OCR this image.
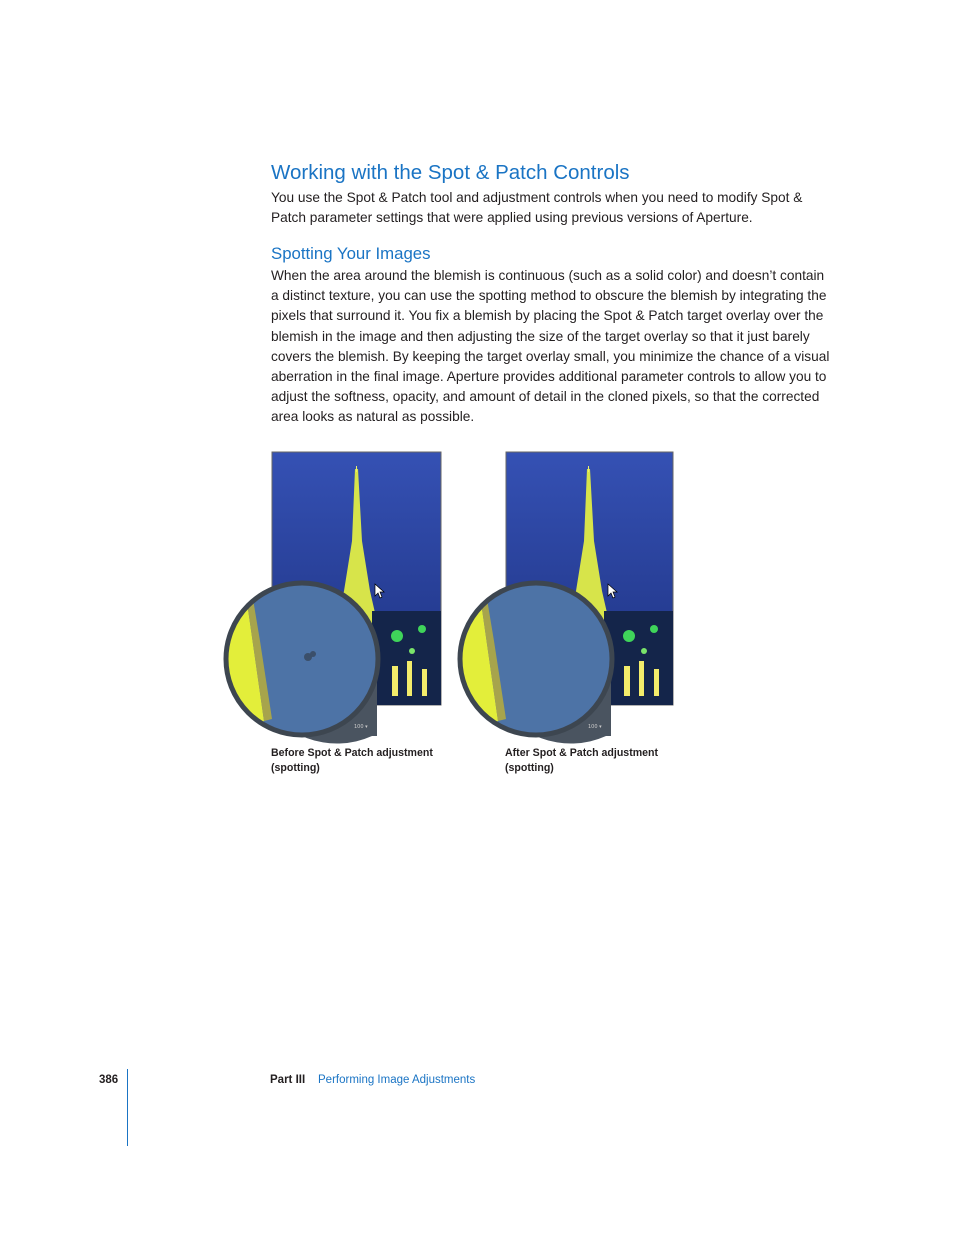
Working with the Spot & Patch Controls

You use the Spot & Patch tool and adjustment controls when you need to modify Spot & Patch parameter settings that were applied using previous versions of Aperture.

Spotting Your Images

When the area around the blemish is continuous (such as a solid color) and doesn’t contain a distinct texture, you can use the spotting method to obscure the blemish by integrating the pixels that surround it. You fix a blemish by placing the Spot & Patch target overlay over the blemish in the image and then adjusting the size of the target overlay so that it just barely covers the blemish. By keeping the target overlay small, you minimize the chance of a visual aberration in the final image. Aperture provides additional parameter controls to allow you to adjust the softness, opacity, and amount of detail in the cloned pixels, so that the corrected area looks as natural as possible.

100 ▾
Before Spot & Patch adjustment
(spotting)
100 ▾
After Spot & Patch adjustment
(spotting)
386	Part III Performing Image Adjustments
